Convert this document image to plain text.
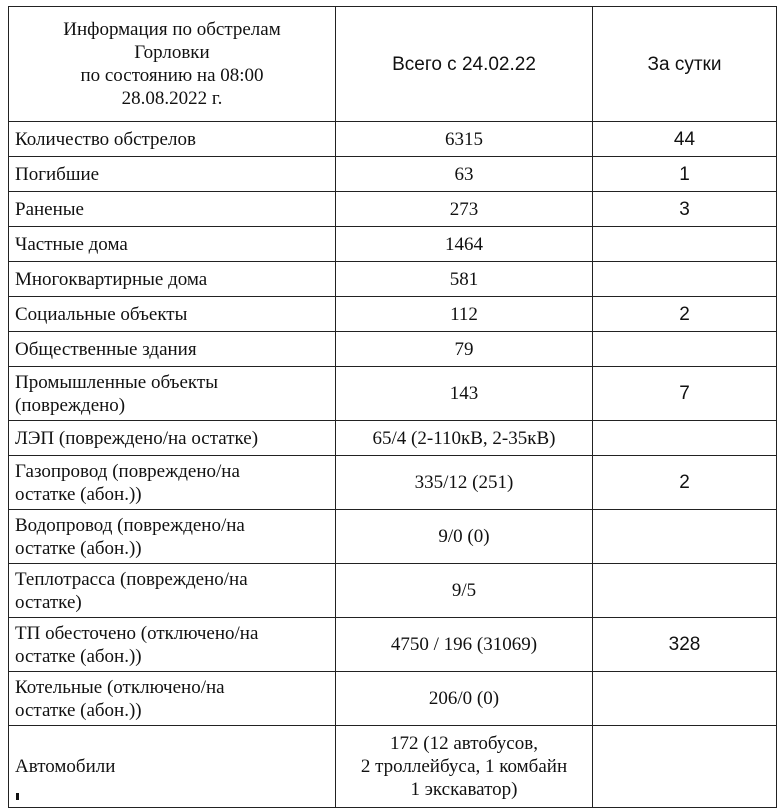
Информация по обстрелам
Горловки
по состоянию на 08:00
28.08.2022 г.	Всего с 24.02.22	За сутки

Количество обстрелов	6315	44

Погибшие	63	1

Раненые	273	3

Частные дома	1464	

Многоквартирные дома	581	

Социальные объекты	112	2

Общественные здания	79	

Промышленные объекты
(повреждено)	143	7

ЛЭП (повреждено/на остатке)	65/4 (2-110кВ, 2-35кВ)	

Газопровод (повреждено/на
остатке (абон.))	335/12 (251)	2

Водопровод (повреждено/на
остатке (абон.))	9/0 (0)	

Теплотрасса (повреждено/на
остатке)	9/5	

ТП обесточено (отключено/на
остатке (абон.))	4750 / 196 (31069)	328

Котельные (отключено/на
остатке (абон.))	206/0 (0)	

Автомобили	172 (12 автобусов,
2 троллейбуса, 1 комбайн
1 экскаватор)	
